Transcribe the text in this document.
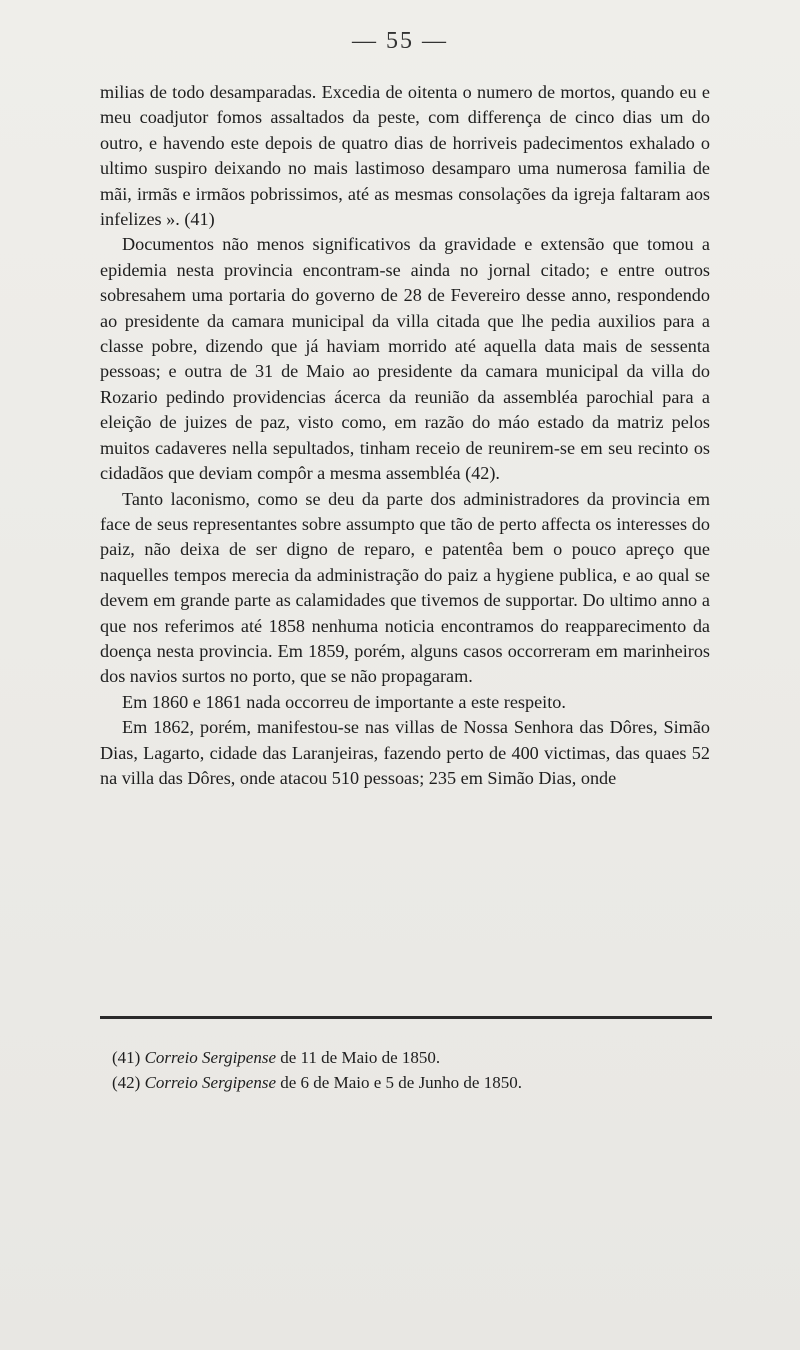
— 55 —

milias de todo desamparadas. Excedia de oitenta o numero de mortos, quando eu e meu coadjutor fomos assaltados da peste, com differença de cinco dias um do outro, e havendo este depois de quatro dias de horriveis padecimentos exhalado o ultimo suspiro deixando no mais lastimoso desamparo uma numerosa familia de mãi, irmãs e irmãos pobrissimos, até as mesmas consolações da igreja faltaram aos infelizes ». (41)

Documentos não menos significativos da gravidade e extensão que tomou a epidemia nesta provincia encontram-se ainda no jornal citado; e entre outros sobresahem uma portaria do governo de 28 de Fevereiro desse anno, respondendo ao presidente da camara municipal da villa citada que lhe pedia auxilios para a classe pobre, dizendo que já haviam morrido até aquella data mais de sessenta pessoas; e outra de 31 de Maio ao presidente da camara municipal da villa do Rozario pedindo providencias ácerca da reunião da assembléa parochial para a eleição de juizes de paz, visto como, em razão do máo estado da matriz pelos muitos cadaveres nella sepultados, tinham receio de reunirem-se em seu recinto os cidadãos que deviam compôr a mesma assembléa (42).

Tanto laconismo, como se deu da parte dos administradores da provincia em face de seus representantes sobre assumpto que tão de perto affecta os interesses do paiz, não deixa de ser digno de reparo, e patentêa bem o pouco apreço que naquelles tempos merecia da administração do paiz a hygiene publica, e ao qual se devem em grande parte as calamidades que tivemos de supportar. Do ultimo anno a que nos referimos até 1858 nenhuma noticia encontramos do reapparecimento da doença nesta provincia. Em 1859, porém, alguns casos occorreram em marinheiros dos navios surtos no porto, que se não propagaram.

Em 1860 e 1861 nada occorreu de importante a este respeito.

Em 1862, porém, manifestou-se nas villas de Nossa Senhora das Dôres, Simão Dias, Lagarto, cidade das Laranjeiras, fazendo perto de 400 victimas, das quaes 52 na villa das Dôres, onde atacou 510 pessoas; 235 em Simão Dias, onde

(41) Correio Sergipense de 11 de Maio de 1850.

(42) Correio Sergipense de 6 de Maio e 5 de Junho de 1850.
